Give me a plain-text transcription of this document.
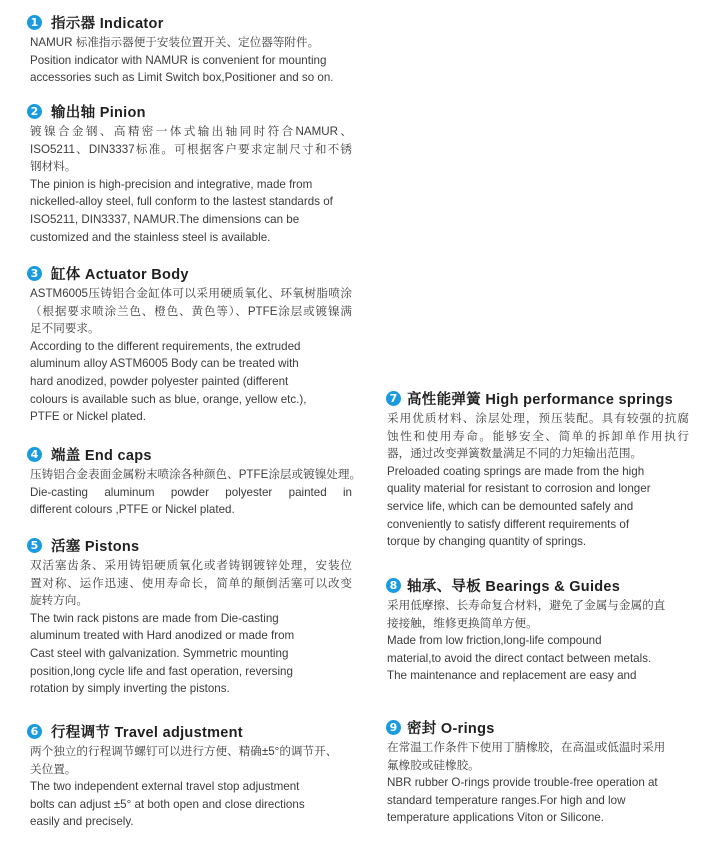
1 指示器 Indicator
NAMUR 标准指示器便于安装位置开关、定位器等附件。
Position indicator with NAMUR is convenient for mounting
accessories such as Limit Switch box,Positioner and so on.
2 输出轴 Pinion
镀镍合金钢、高精密一体式输出轴同时符合NAMUR、
ISO5211、DIN3337标准。可根据客户要求定制尺寸和不锈
钢材料。
The pinion is high-precision and integrative, made from
nickelled-alloy steel, full conform to the lastest standards of
ISO5211, DIN3337, NAMUR.The dimensions can be
customized and the stainless steel is available.
3 缸体 Actuator Body
ASTM6005压铸铝合金缸体可以采用硬质氧化、环氧树脂喷涂
（根据要求喷涂兰色、橙色、黄色等）、PTFE涂层或镀镍满
足不同要求。
According to the different requirements, the extruded
aluminum alloy ASTM6005 Body can be treated with
hard anodized, powder polyester painted (different
colours is available such as blue, orange, yellow etc.),
PTFE or Nickel plated.
4 端盖 End caps
压铸铝合金表面金属粉末喷涂各种颜色、PTFE涂层或镀镍处理。
Die-casting aluminum powder polyester painted in
different colours ,PTFE or Nickel plated.
5 活塞 Pistons
双活塞齿条、采用铸铝硬质氧化或者铸钢镀锌处理，安装位
置对称、运作迅速、使用寿命长，简单的颠倒活塞可以改变
旋转方向。
The twin rack pistons are made from Die-casting
aluminum treated with Hard anodized or made from
Cast steel with galvanization. Symmetric mounting
position,long cycle life and fast operation, reversing
rotation by simply inverting the pistons.
6 行程调节 Travel adjustment
两个独立的行程调节螺钉可以进行方便、精确±5°的调节开、
关位置。
The two independent external travel stop adjustment
bolts can adjust ±5° at both open and close directions
easily and precisely.
7 高性能弹簧 High performance springs
采用优质材料、涂层处理，预压装配。具有较强的抗腐
蚀性和使用寿命。能够安全、简单的拆卸单作用执行
器，通过改变弹簧数量满足不同的力矩输出范围。
Preloaded coating springs are made from the high
quality material for resistant to corrosion and longer
service life, which can be demounted safely and
conveniently to satisfy different requirements of
torque by changing quantity of springs.
8 轴承、导板 Bearings & Guides
采用低摩擦、长寿命复合材料，避免了金属与金属的直
接接触，维修更换简单方便。
Made from low friction,long-life compound
material,to avoid the direct contact between metals.
The maintenance and replacement are easy and
9 密封 O-rings
在常温工作条件下使用丁腈橡胶，在高温或低温时采用
氟橡胶或硅橡胶。
NBR rubber O-rings provide trouble-free operation at
standard temperature ranges.For high and low
temperature applications Viton or Silicone.
